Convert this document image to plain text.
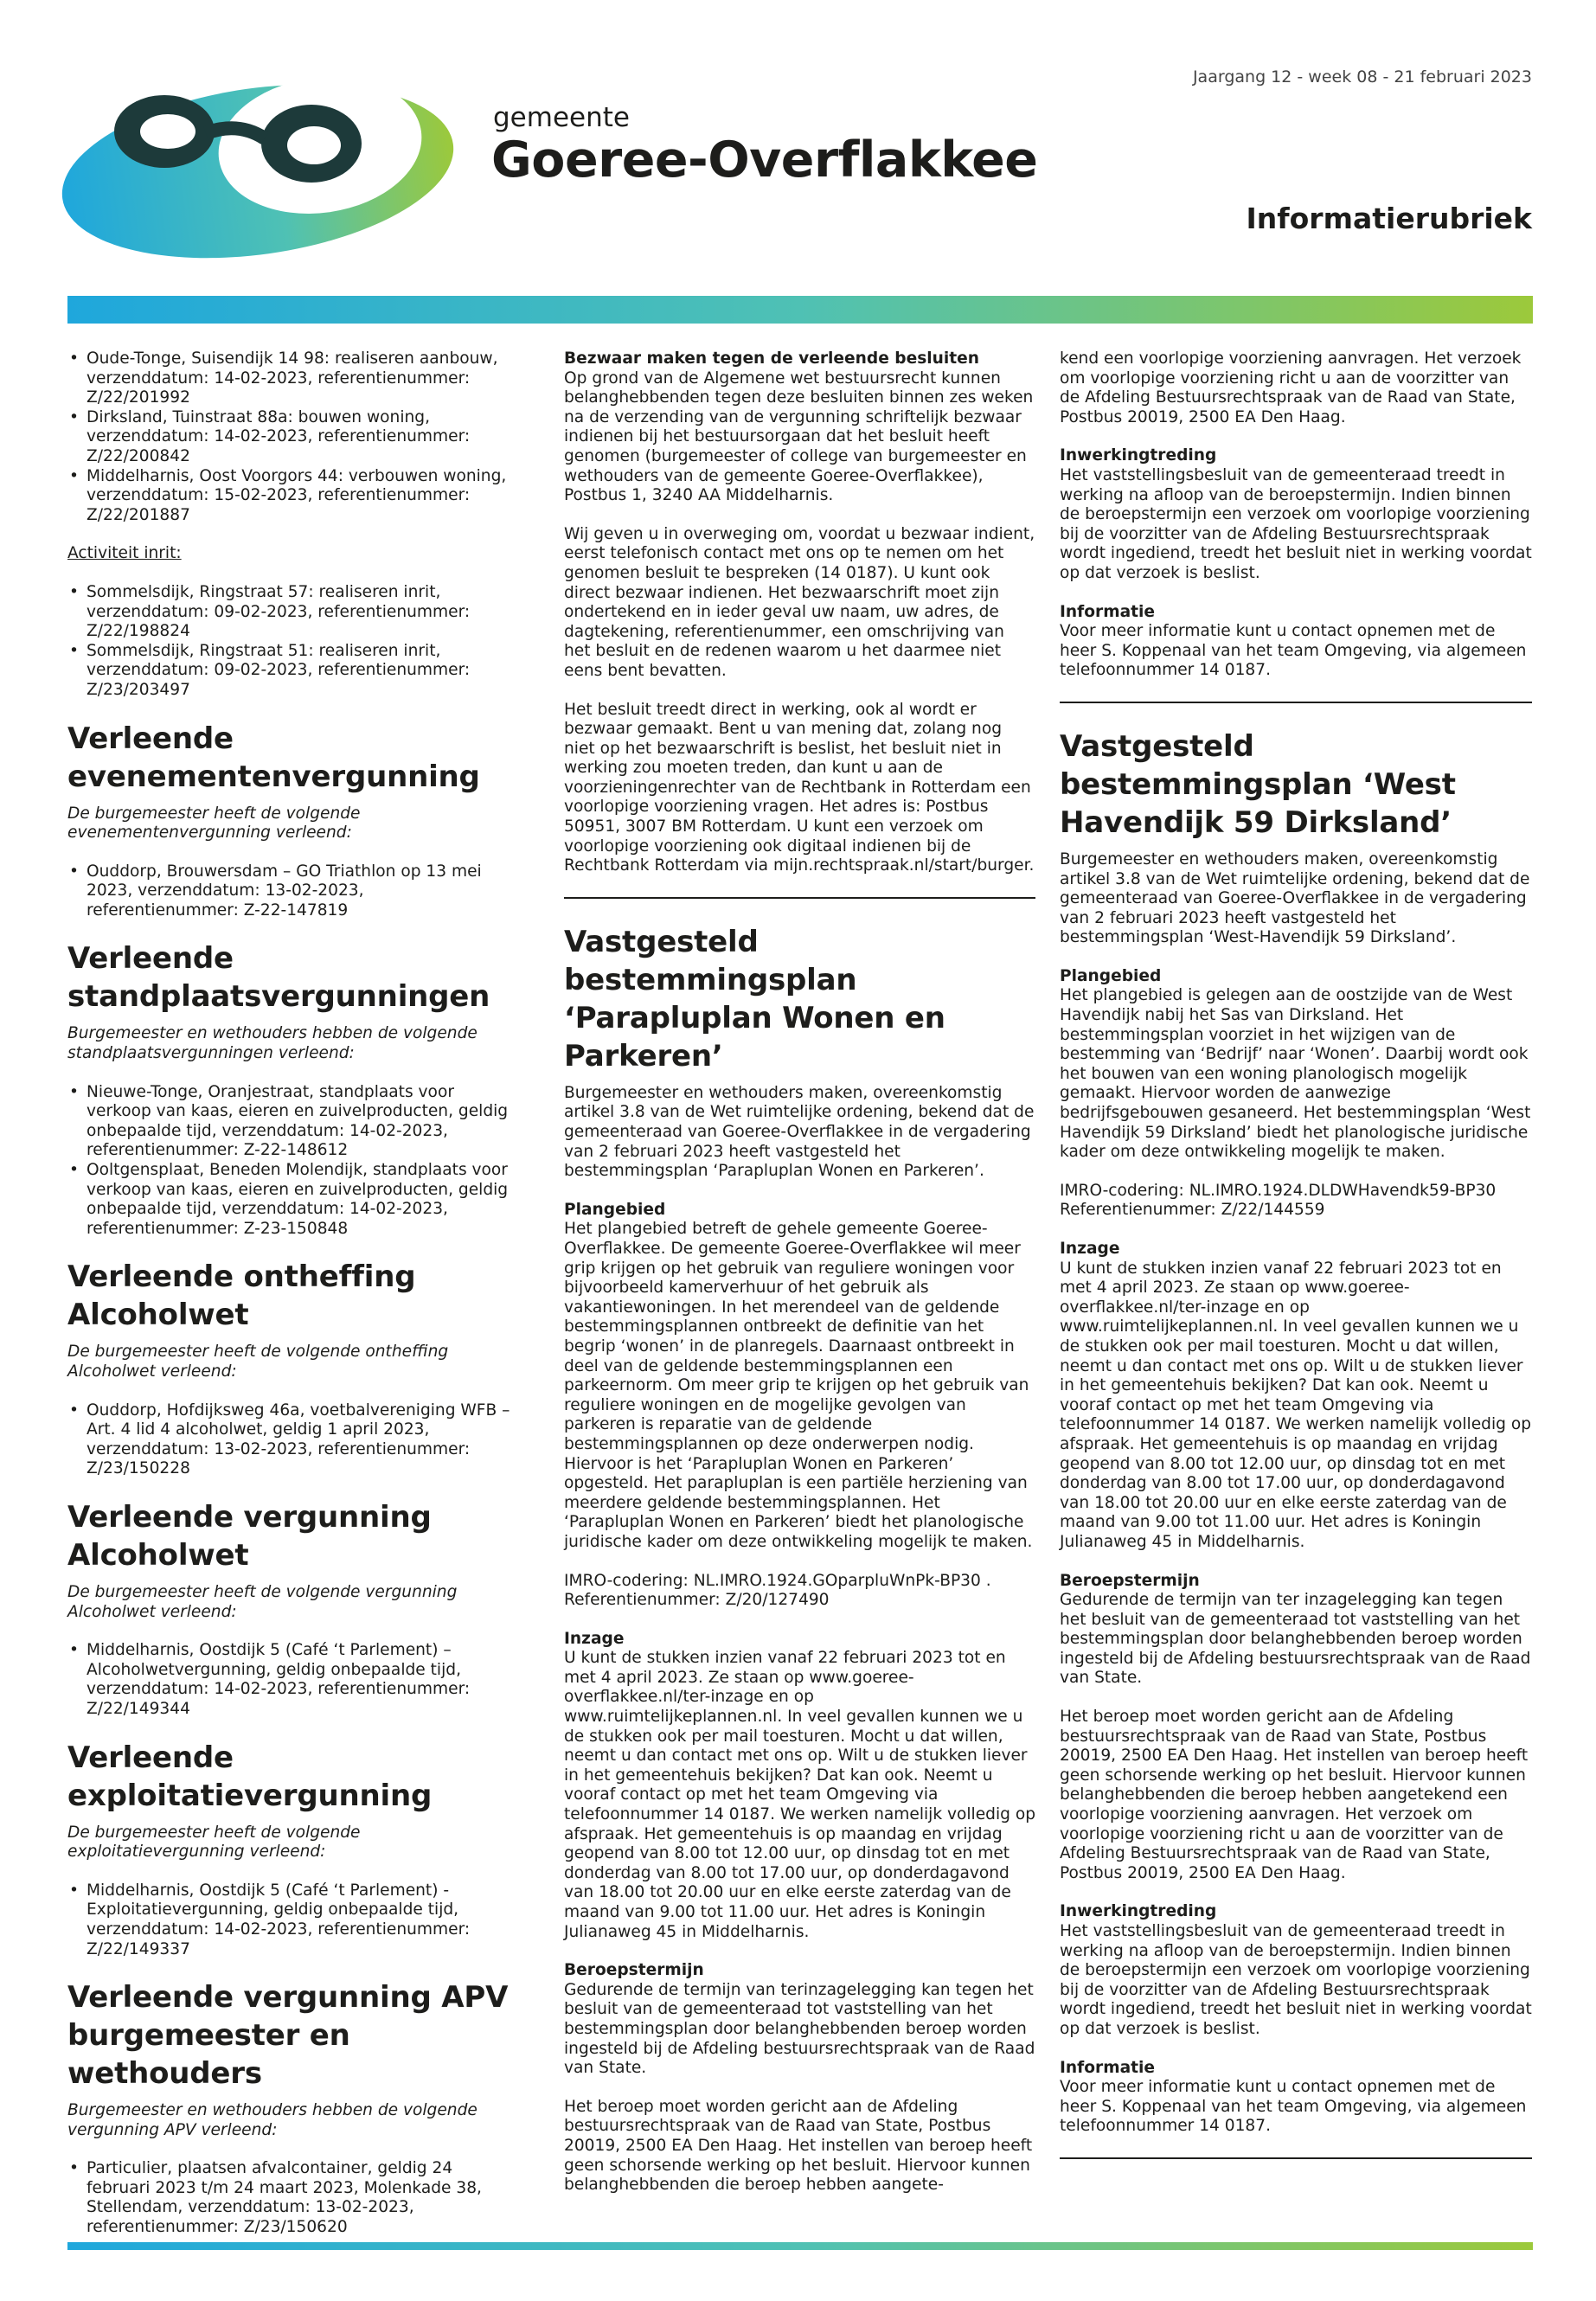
gemeente
Goeree-Overflakkee
Jaargang 12 - week 08 - 21 februari 2023
Informatierubriek
• Oude-Tonge, Suisendijk 14 98: realiseren aanbouw, verzenddatum: 14-02-2023, referentienummer: Z/22/201992
• Dirksland, Tuinstraat 88a: bouwen woning, verzenddatum: 14-02-2023, referentienummer: Z/22/200842
• Middelharnis, Oost Voorgors 44: verbouwen woning, verzenddatum: 15-02-2023, referentienummer: Z/22/201887

Activiteit inrit:

• Sommelsdijk, Ringstraat 57: realiseren inrit, verzenddatum: 09-02-2023, referentienummer: Z/22/198824
• Sommelsdijk, Ringstraat 51: realiseren inrit, verzenddatum: 09-02-2023, referentienummer: Z/23/203497
Verleende evenementenvergunning

De burgemeester heeft de volgende evenementenvergunning verleend:

• Ouddorp, Brouwersdam – GO Triathlon op 13 mei 2023, verzenddatum: 13-02-2023, referentienummer: Z-22-147819
Verleende standplaatsvergunningen

Burgemeester en wethouders hebben de volgende standplaatsvergunningen verleend:

• Nieuwe-Tonge, Oranjestraat, standplaats voor verkoop van kaas, eieren en zuivelproducten, geldig onbepaalde tijd, verzenddatum: 14-02-2023, referentienummer: Z-22-148612
• Ooltgensplaat, Beneden Molendijk, standplaats voor verkoop van kaas, eieren en zuivelproducten, geldig onbepaalde tijd, verzenddatum: 14-02-2023, referentienummer: Z-23-150848
Verleende ontheffing Alcoholwet

De burgemeester heeft de volgende ontheffing Alcoholwet verleend:

• Ouddorp, Hofdijksweg 46a, voetbalvereniging WFB – Art. 4 lid 4 alcoholwet, geldig 1 april 2023, verzenddatum: 13-02-2023, referentienummer: Z/23/150228
Verleende vergunning Alcoholwet

De burgemeester heeft de volgende vergunning Alcoholwet verleend:

• Middelharnis, Oostdijk 5 (Café ‘t Parlement) – Alcoholwetvergunning, geldig onbepaalde tijd, verzenddatum: 14-02-2023, referentienummer: Z/22/149344
Verleende exploitatievergunning

De burgemeester heeft de volgende exploitatievergunning verleend:

• Middelharnis, Oostdijk 5 (Café ‘t Parlement) - Exploitatievergunning, geldig onbepaalde tijd, verzenddatum: 14-02-2023, referentienummer: Z/22/149337
Verleende vergunning APV burgemeester en wethouders

Burgemeester en wethouders hebben de volgende vergunning APV verleend:

• Particulier, plaatsen afvalcontainer, geldig 24 februari 2023 t/m 24 maart 2023, Molenkade 38, Stellendam, verzenddatum: 13-02-2023, referentienummer: Z/23/150620
Bezwaar maken tegen de verleende besluiten

Op grond van de Algemene wet bestuursrecht kunnen belanghebbenden tegen deze besluiten binnen zes weken na de verzending van de vergunning schriftelijk bezwaar indienen bij het bestuursorgaan dat het besluit heeft genomen (burgemeester of college van burgemeester en wethouders van de gemeente Goeree-Overflakkee), Postbus 1, 3240 AA Middelharnis.

Wij geven u in overweging om, voordat u bezwaar indient, eerst telefonisch contact met ons op te nemen om het genomen besluit te bespreken (14 0187). U kunt ook direct bezwaar indienen. Het bezwaarschrift moet zijn ondertekend en in ieder geval uw naam, uw adres, de dagtekening, referentienummer, een omschrijving van het besluit en de redenen waarom u het daarmee niet eens bent bevatten.

Het besluit treedt direct in werking, ook al wordt er bezwaar gemaakt. Bent u van mening dat, zolang nog niet op het bezwaarschrift is beslist, het besluit niet in werking zou moeten treden, dan kunt u aan de voorzieningenrechter van de Rechtbank in Rotterdam een voorlopige voorziening vragen. Het adres is: Postbus 50951, 3007 BM Rotterdam. U kunt een verzoek om voorlopige voorziening ook digitaal indienen bij de Rechtbank Rotterdam via mijn.rechtspraak.nl/start/burger.

Vastgesteld bestemmingsplan ‘Parapluplan Wonen en Parkeren’

Burgemeester en wethouders maken, overeenkomstig artikel 3.8 van de Wet ruimtelijke ordening, bekend dat de gemeenteraad van Goeree-Overflakkee in de vergadering van 2 februari 2023 heeft vastgesteld het bestemmingsplan ‘Parapluplan Wonen en Parkeren’.

Plangebied

Het plangebied betreft de gehele gemeente Goeree-Overflakkee. De gemeente Goeree-Overflakkee wil meer grip krijgen op het gebruik van reguliere woningen voor bijvoorbeeld kamerverhuur of het gebruik als vakantiewoningen. In het merendeel van de geldende bestemmingsplannen ontbreekt de definitie van het begrip ‘wonen’ in de planregels. Daarnaast ontbreekt in deel van de geldende bestemmingsplannen een parkeernorm. Om meer grip te krijgen op het gebruik van reguliere woningen en de mogelijke gevolgen van parkeren is reparatie van de geldende bestemmingsplannen op deze onderwerpen nodig. Hiervoor is het ‘Parapluplan Wonen en Parkeren’ opgesteld. Het parapluplan is een partiële herziening van meerdere geldende bestemmingsplannen. Het ‘Parapluplan Wonen en Parkeren’ biedt het planologische juridische kader om deze ontwikkeling mogelijk te maken.

IMRO-codering: NL.IMRO.1924.GOparpluWnPk-BP30 .

Referentienummer: Z/20/127490

Inzage

U kunt de stukken inzien vanaf 22 februari 2023 tot en met 4 april 2023. Ze staan op www.goeree-overflakkee.nl/ter-inzage en op www.ruimtelijkeplannen.nl. In veel gevallen kunnen we u de stukken ook per mail toesturen. Mocht u dat willen, neemt u dan contact met ons op. Wilt u de stukken liever in het gemeentehuis bekijken? Dat kan ook. Neemt u vooraf contact op met het team Omgeving via telefoonnummer 14 0187. We werken namelijk volledig op afspraak. Het gemeentehuis is op maandag en vrijdag geopend van 8.00 tot 12.00 uur, op dinsdag tot en met donderdag van 8.00 tot 17.00 uur, op donderdagavond van 18.00 tot 20.00 uur en elke eerste zaterdag van de maand van 9.00 tot 11.00 uur. Het adres is Koningin Julianaweg 45 in Middelharnis.

Beroepstermijn

Gedurende de termijn van terinzagelegging kan tegen het besluit van de gemeenteraad tot vaststelling van het bestemmingsplan door belanghebbenden beroep worden ingesteld bij de Afdeling bestuursrechtspraak van de Raad van State.

Het beroep moet worden gericht aan de Afdeling bestuursrechtspraak van de Raad van State, Postbus 20019, 2500 EA Den Haag. Het instellen van beroep heeft geen schorsende werking op het besluit. Hiervoor kunnen belanghebbenden die beroep hebben aangete-

kend een voorlopige voorziening aanvragen. Het verzoek om voorlopige voorziening richt u aan de voorzitter van de Afdeling Bestuursrechtspraak van de Raad van State, Postbus 20019, 2500 EA Den Haag.

Inwerkingtreding

Het vaststellingsbesluit van de gemeenteraad treedt in werking na afloop van de beroepstermijn. Indien binnen de beroepstermijn een verzoek om voorlopige voorziening bij de voorzitter van de Afdeling Bestuursrechtspraak wordt ingediend, treedt het besluit niet in werking voordat op dat verzoek is beslist.

Informatie

Voor meer informatie kunt u contact opnemen met de heer S. Koppenaal van het team Omgeving, via algemeen telefoonnummer 14 0187.

Vastgesteld bestemmingsplan ‘West Havendijk 59 Dirksland’

Burgemeester en wethouders maken, overeenkomstig artikel 3.8 van de Wet ruimtelijke ordening, bekend dat de gemeenteraad van Goeree-Overflakkee in de vergadering van 2 februari 2023 heeft vastgesteld het bestemmingsplan ‘West-Havendijk 59 Dirksland’.

Plangebied

Het plangebied is gelegen aan de oostzijde van de West Havendijk nabij het Sas van Dirksland. Het bestemmingsplan voorziet in het wijzigen van de bestemming van ‘Bedrijf’ naar ‘Wonen’. Daarbij wordt ook het bouwen van een woning planologisch mogelijk gemaakt. Hiervoor worden de aanwezige bedrijfsgebouwen gesaneerd. Het bestemmingsplan ‘West Havendijk 59 Dirksland’ biedt het planologische juridische kader om deze ontwikkeling mogelijk te maken.

IMRO-codering: NL.IMRO.1924.DLDWHavendk59-BP30

Referentienummer: Z/22/144559

Inzage

U kunt de stukken inzien vanaf 22 februari 2023 tot en met 4 april 2023. Ze staan op www.goeree-overflakkee.nl/ter-inzage en op www.ruimtelijkeplannen.nl. In veel gevallen kunnen we u de stukken ook per mail toesturen. Mocht u dat willen, neemt u dan contact met ons op. Wilt u de stukken liever in het gemeentehuis bekijken? Dat kan ook. Neemt u vooraf contact op met het team Omgeving via telefoonnummer 14 0187. We werken namelijk volledig op afspraak. Het gemeentehuis is op maandag en vrijdag geopend van 8.00 tot 12.00 uur, op dinsdag tot en met donderdag van 8.00 tot 17.00 uur, op donderdagavond van 18.00 tot 20.00 uur en elke eerste zaterdag van de maand van 9.00 tot 11.00 uur. Het adres is Koningin Julianaweg 45 in Middelharnis.

Beroepstermijn

Gedurende de termijn van ter inzagelegging kan tegen het besluit van de gemeenteraad tot vaststelling van het bestemmingsplan door belanghebbenden beroep worden ingesteld bij de Afdeling bestuursrechtspraak van de Raad van State.

Het beroep moet worden gericht aan de Afdeling bestuursrechtspraak van de Raad van State, Postbus 20019, 2500 EA Den Haag. Het instellen van beroep heeft geen schorsende werking op het besluit. Hiervoor kunnen belanghebbenden die beroep hebben aangetekend een voorlopige voorziening aanvragen. Het verzoek om voorlopige voorziening richt u aan de voorzitter van de Afdeling Bestuursrechtspraak van de Raad van State, Postbus 20019, 2500 EA Den Haag.

Inwerkingtreding

Het vaststellingsbesluit van de gemeenteraad treedt in werking na afloop van de beroepstermijn. Indien binnen de beroepstermijn een verzoek om voorlopige voorziening bij de voorzitter van de Afdeling Bestuursrechtspraak wordt ingediend, treedt het besluit niet in werking voordat op dat verzoek is beslist.

Informatie

Voor meer informatie kunt u contact opnemen met de heer S. Koppenaal van het team Omgeving, via algemeen telefoonnummer 14 0187.
